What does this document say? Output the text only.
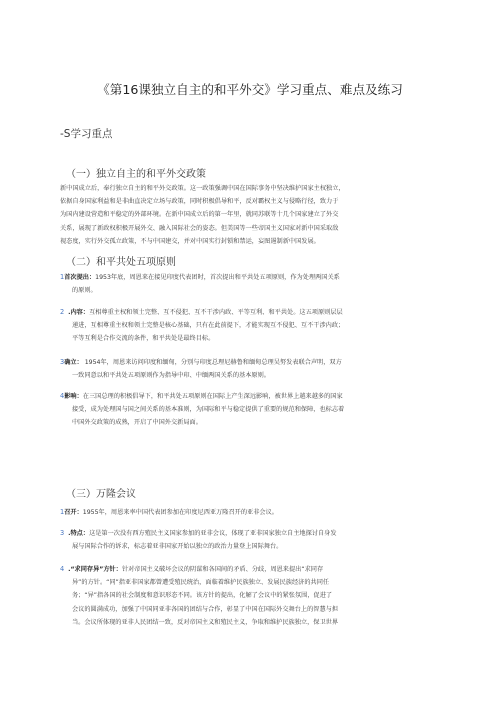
《第16课独立自主的和平外交》学习重点、难点及练习
-S学习重点
（一）独立自主的和平外交政策
新中国成立后，奉行独立自主的和平外交政策。这一政策强调中国在国际事务中坚决维护国家主权独立，
依据自身国家利益和是非曲直决定立场与政策，同时积极倡导和平，反对霸权主义与侵略行径，致力于
为国内建设营造和平稳定的外部环境。在新中国成立后的第一年里，就同苏联等十几个国家建立了外交
关系，展现了新政权积极开展外交、融入国际社会的姿态。但美国等一些帝国主义国家对新中国采取敌
视态度，实行外交孤立政策，不与中国建交，并对中国实行封锁和禁运，妄图遏制新中国发展。
（二）和平共处五项原则
1首次提出：1953年底，周恩来在接见印度代表团时，首次提出和平共处五项原则，作为处理两国关系
的原则。
2 .内容：互相尊重主权和领土完整、互不侵犯、互不干涉内政、平等互利、和平共处。这五项原则层层
递进，互相尊重主权和领土完整是核心基础，只有在此前提下，才能实现互不侵犯、互不干涉内政；
平等互利是合作交流的条件，和平共处是最终目标。
3确立： 1954年，周恩来访问印度和缅甸，分别与印度总理尼赫鲁和缅甸总理吴努发表联合声明，双方
一致同意以和平共处五项原则作为指导中印、中缅两国关系的基本原则。
4影响：在三国总理的积极倡导下，和平共处五项原则在国际上产生深远影响，被世界上越来越多的国家
接受，成为处理国与国之间关系的基本准则，为国际和平与稳定提供了重要的规范和保障，也标志着
中国外交政策的成熟，开启了中国外交新局面。
（三）万隆会议
1召开：1955年，周恩来率中国代表团参加在印度尼西亚万隆召开的亚非会议。
3 .特点：这是第一次没有西方殖民主义国家参加的亚非会议，体现了亚非国家独立自主地探讨自身发
展与国际合作的诉求，标志着亚非国家开始以独立的政治力量登上国际舞台。
4 .“求同存异”方针：针对帝国主义破坏会议的阴谋和各国间的矛盾、分歧，周恩来提出“求同存
异”的方针。“同”指亚非国家都曾遭受殖民统治，面临着维护民族独立、发展民族经济的共同任
务；“异”指各国的社会制度和意识形态不同。该方针的提出，化解了会议中的紧张氛围，促进了
会议的圆满成功，加强了中国同亚非各国的团结与合作，彰显了中国在国际外交舞台上的智慧与担
当。会议所体现的亚非人民团结一致，反对帝国主义和殖民主义，争取和维护民族独立，保卫世界
